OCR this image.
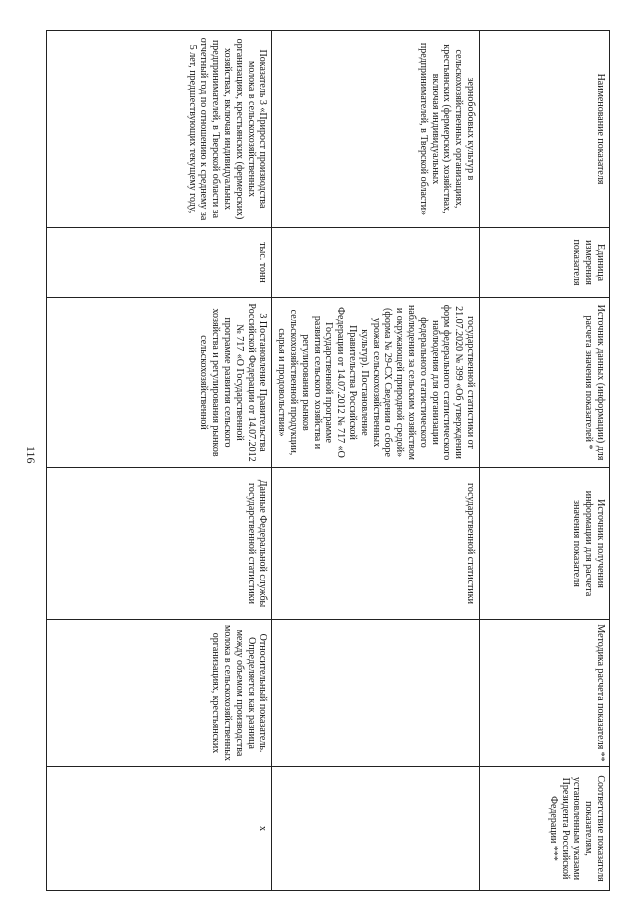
116
Наименование показателя	Единица измерения показателя	Источник данных (информации) для расчета значения показателей *	Источник получения информации для расчета значения показателя	Методика расчета показателя **	Соответствие показателя показателям, установленным указами Президента Российской Федерации ***
зернобобовых культур в сельскохозяйственных организациях, крестьянских (фермерских) хозяйствах, включая индивидуальных предпринимателей, в Тверской области»		государственной статистики от 21.07.2020 № 399 «Об утверждении форм федерального статистического наблюдения для организации федерального статистического наблюдения за сельским хозяйством и окружающей природной средой» (форма № 29-СХ Сведения о сборе урожая сельскохозяйственных культур). Постановление Правительства Российской Федерации от 14.07.2012 № 717 «О Государственной программе развития сельского хозяйства и регулирования рынков сельскохозяйственной продукции, сырья и продовольствия»	государственной статистики		
Показатель 3 «Прирост производства молока в сельскохозяйственных организациях, крестьянских (фермерских) хозяйствах, включая индивидуальных предпринимателей, в Тверской области за отчетный год по отношению к среднему за 5 лет, предшествующих текущему году,	тыс. тонн	3 Постановление Правительства Российской Федерации от 14.07.2012 № 717 «О Государственной программе развития сельского хозяйства и регулирования рынков сельскохозяйственной	Данные Федеральной службы государственной статистики	Относительный показатель. Определяется как разница между объемом производства молока в сельскохозяйственных организациях, крестьянских	х
